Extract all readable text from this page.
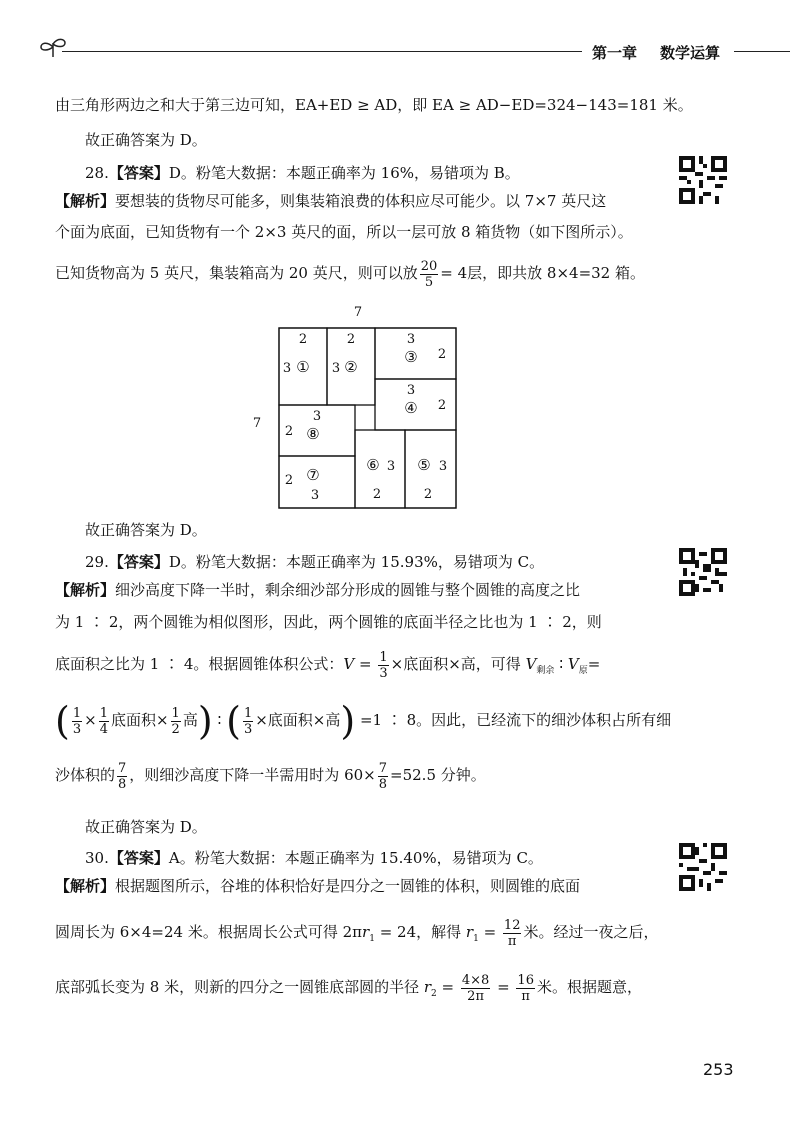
第一章 数学运算
由三角形两边之和大于第三边可知，EA+ED ≥ AD，即 EA ≥ AD−ED=324−143=181 米。
故正确答案为 D。
28.【答案】D。粉笔大数据：本题正确率为 16%，易错项为 B。
【解析】要想装的货物尽可能多，则集装箱浪费的体积应尽可能少。以 7×7 英尺这
个面为底面，已知货物有一个 2×3 英尺的面，所以一层可放 8 箱货物（如下图所示）。
已知货物高为 5 英尺，集装箱高为 20 英尺，则可以放 $\frac{20}{5} = 4$层，即共放 8×4=32 箱。
7
7
2
3 ①
2
3 ②
3
③ 2
3
④ 2
3
2 ⑧
2 ⑦
3
⑥ 3
2
⑤ 3
2
故正确答案为 D。
29.【答案】D。粉笔大数据：本题正确率为 15.93%，易错项为 C。
【解析】细沙高度下降一半时，剩余细沙部分形成的圆锥与整个圆锥的高度之比
为 1 ∶ 2，两个圆锥为相似图形，因此，两个圆锥的底面半径之比也为 1 ∶ 2，则
底面积之比为 1 ∶ 4。根据圆锥体积公式：$V = \frac{1}{3}$ ×底面积×高，可得 $V_{剩余}$ ∶ $V_原=$
( $\frac{1}{3} \times \frac{1}{4}$ 底面积× $\frac{1}{2}$ 高) ∶ ( $\frac{1}{3}$ ×底面积×高) =1 ∶ 8。因此，已经流下的细沙体积占所有细
沙体积的 $\frac{7}{8}$ ，则细沙高度下降一半需用时为 $60\times \frac{7}{8} =52.5$ 分钟。
故正确答案为 D。
30.【答案】A。粉笔大数据：本题正确率为 15.40%，易错项为 C。
【解析】根据题图所示，谷堆的体积恰好是四分之一圆锥的体积，则圆锥的底面
圆周长为 6×4=24 米。根据周长公式可得 $2\pi r_1 = 24$，解得 $r_1 = \frac{12}{\pi}$ 米。经过一夜之后，
底部弧长变为 8 米，则新的四分之一圆锥底部圆的半径 $r_2 = \frac{4\times 8}{2\pi} = \frac{16}{\pi}$ 米。根据题意，
253
